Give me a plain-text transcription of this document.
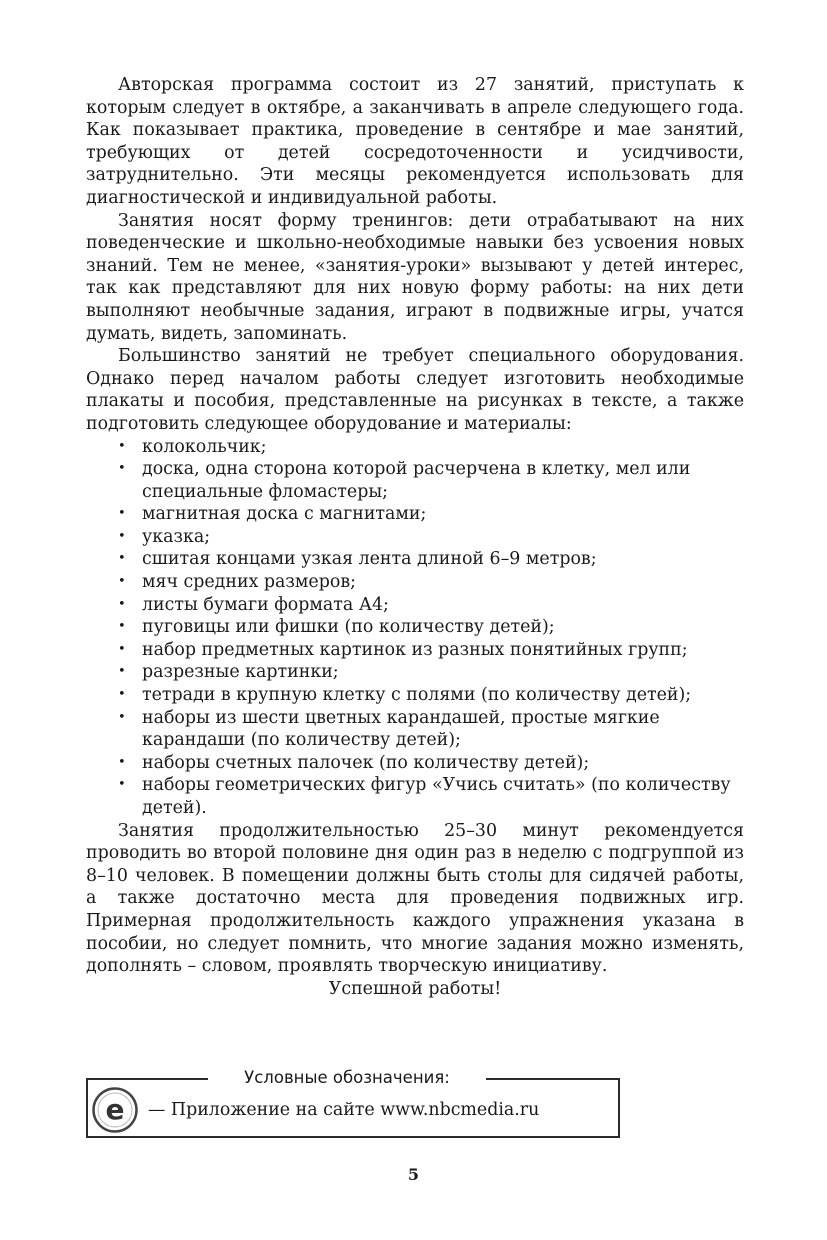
Авторская программа состоит из 27 занятий, приступать к которым следует в октябре, а заканчивать в апреле следующего года. Как показывает практика, проведение в сентябре и мае занятий, требующих от детей сосредоточенности и усидчивости, затруднительно. Эти месяцы рекомендуется использовать для диагностической и индивидуальной работы.

Занятия носят форму тренингов: дети отрабатывают на них поведенческие и школьно-необходимые навыки без усвоения новых знаний. Тем не менее, «занятия-уроки» вызывают у детей интерес, так как представляют для них новую форму работы: на них дети выполняют необычные задания, играют в подвижные игры, учатся думать, видеть, запоминать.

Большинство занятий не требует специального оборудования. Однако перед началом работы следует изготовить необходимые плакаты и пособия, представленные на рисунках в тексте, а также подготовить следующее оборудование и материалы:

• колокольчик;
• доска, одна сторона которой расчерчена в клетку, мел или специальные фломастеры;
• магнитная доска с магнитами;
• указка;
• сшитая концами узкая лента длиной 6–9 метров;
• мяч средних размеров;
• листы бумаги формата А4;
• пуговицы или фишки (по количеству детей);
• набор предметных картинок из разных понятийных групп;
• разрезные картинки;
• тетради в крупную клетку с полями (по количеству детей);
• наборы из шести цветных карандашей, простые мягкие карандаши (по количеству детей);
• наборы счетных палочек (по количеству детей);
• наборы геометрических фигур «Учись считать» (по количеству детей).

Занятия продолжительностью 25–30 минут рекомендуется проводить во второй половине дня один раз в неделю с подгруппой из 8–10 человек. В помещении должны быть столы для сидячей работы, а также достаточно места для проведения подвижных игр. Примерная продолжительность каждого упражнения указана в пособии, но следует помнить, что многие задания можно изменять, дополнять – словом, проявлять творческую инициативу.

Успешной работы!

Условные обозначения:
e — Приложение на сайте www.nbcmedia.ru
5
